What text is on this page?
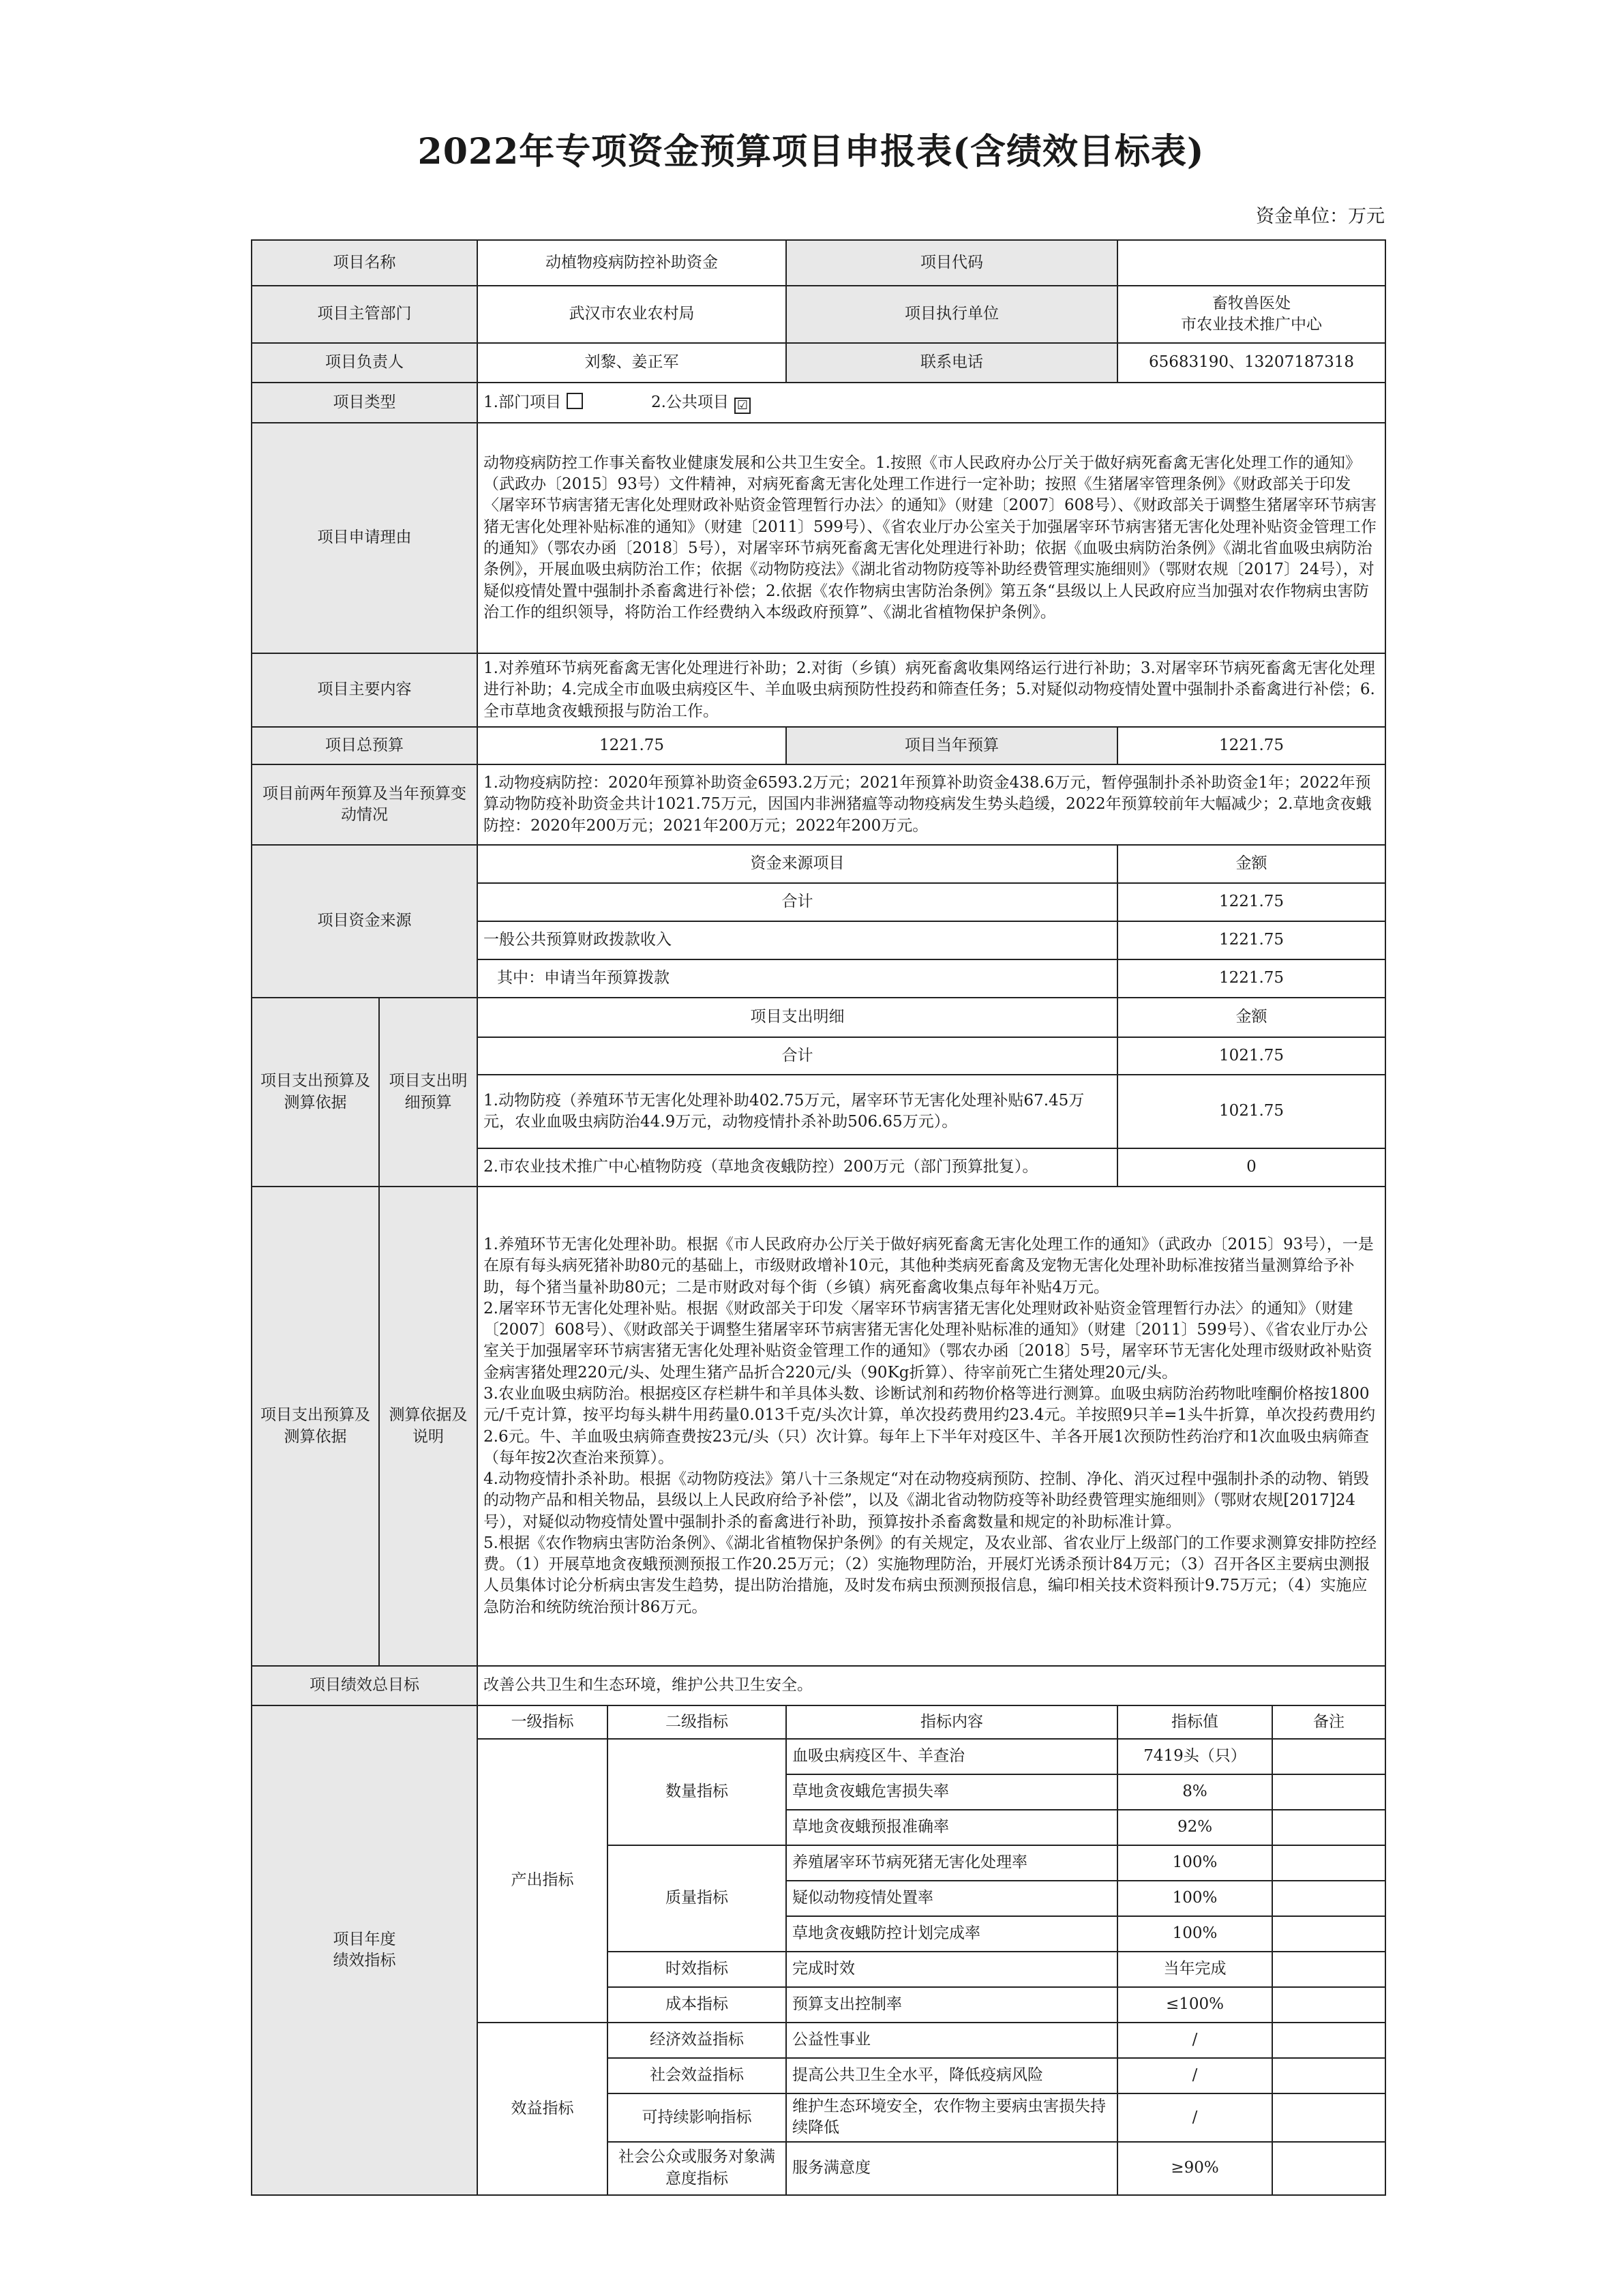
2022年专项资金预算项目申报表(含绩效目标表)
资金单位：万元
项目名称		动植物疫病防控补助资金		项目代码		
项目主管部门		武汉市农业农村局		项目执行单位	畜牧兽医处
市农业技术推广中心	

项目负责人		刘黎、姜正军		联系电话	65683190、13207187318	
项目类型		1.部门项目 2.公共项目 ☑				
项目申请理由		动物疫病防控工作事关畜牧业健康发展和公共卫生安全。1.按照《市人民政府办公厅关于做好病死畜禽无害化处理工作的通知》（武政办〔2015〕93号）文件精神，对病死畜禽无害化处理工作进行一定补助；按照《生猪屠宰管理条例》《财政部关于印发〈屠宰环节病害猪无害化处理财政补贴资金管理暂行办法〉的通知》（财建〔2007〕608号）、《财政部关于调整生猪屠宰环节病害猪无害化处理补贴标准的通知》（财建〔2011〕599号）、《省农业厅办公室关于加强屠宰环节病害猪无害化处理补贴资金管理工作的通知》（鄂农办函〔2018〕5号），对屠宰环节病死畜禽无害化处理进行补助；依据《血吸虫病防治条例》《湖北省血吸虫病防治条例》，开展血吸虫病防治工作；依据《动物防疫法》《湖北省动物防疫等补助经费管理实施细则》（鄂财农规〔2017〕24号），对疑似疫情处置中强制扑杀畜禽进行补偿；2.依据《农作物病虫害防治条例》第五条“县级以上人民政府应当加强对农作物病虫害防治工作的组织领导，将防治工作经费纳入本级政府预算”、《湖北省植物保护条例》。				
项目主要内容		1.对养殖环节病死畜禽无害化处理进行补助；2.对街（乡镇）病死畜禽收集网络运行进行补助；3.对屠宰环节病死畜禽无害化处理进行补助；4.完成全市血吸虫病疫区牛、羊血吸虫病预防性投药和筛查任务；5.对疑似动物疫情处置中强制扑杀畜禽进行补偿；6.全市草地贪夜蛾预报与防治工作。				
项目总预算		1221.75		项目当年预算	1221.75	
项目前两年预算及当年预算变动情况		1.动物疫病防控：2020年预算补助资金6593.2万元；2021年预算补助资金438.6万元，暂停强制扑杀补助资金1年；2022年预算动物防疫补助资金共计1021.75万元，因国内非洲猪瘟等动物疫病发生势头趋缓，2022年预算较前年大幅减少；2.草地贪夜蛾防控：2020年200万元；2021年200万元；2022年200万元。				
项目资金来源		资金来源项目			金额	
		合计			1221.75	
		一般公共预算财政拨款收入			1221.75	
		其中：申请当年预算拨款			1221.75	
项目支出预算及测算依据	项目支出明细预算	项目支出明细			金额	
		合计			1021.75	
		1.动物防疫（养殖环节无害化处理补助402.75万元，屠宰环节无害化处理补贴67.45万元，农业血吸虫病防治44.9万元，动物疫情扑杀补助506.65万元）。			1021.75	
		2.市农业技术推广中心植物防疫（草地贪夜蛾防控）200万元（部门预算批复）。			0	
项目支出预算及测算依据	测算依据及说明	1.养殖环节无害化处理补助。根据《市人民政府办公厅关于做好病死畜禽无害化处理工作的通知》（武政办〔2015〕93号），一是在原有每头病死猪补助80元的基础上，市级财政增补10元，其他种类病死畜禽及宠物无害化处理补助标准按猪当量测算给予补助，每个猪当量补助80元；二是市财政对每个街（乡镇）病死畜禽收集点每年补贴4万元。
2.屠宰环节无害化处理补贴。根据《财政部关于印发〈屠宰环节病害猪无害化处理财政补贴资金管理暂行办法〉的通知》（财建〔2007〕608号）、《财政部关于调整生猪屠宰环节病害猪无害化处理补贴标准的通知》（财建〔2011〕599号）、《省农业厅办公室关于加强屠宰环节病害猪无害化处理补贴资金管理工作的通知》（鄂农办函〔2018〕5号，屠宰环节无害化处理市级财政补贴资金病害猪处理220元/头、处理生猪产品折合220元/头（90Kg折算）、待宰前死亡生猪处理20元/头。
3.农业血吸虫病防治。根据疫区存栏耕牛和羊具体头数、诊断试剂和药物价格等进行测算。血吸虫病防治药物吡喹酮价格按1800元/千克计算，按平均每头耕牛用药量0.013千克/头次计算，单次投药费用约23.4元。羊按照9只羊=1头牛折算，单次投药费用约2.6元。牛、羊血吸虫病筛查费按23元/头（只）次计算。每年上下半年对疫区牛、羊各开展1次预防性药治疗和1次血吸虫病筛查（每年按2次查治来预算）。
4.动物疫情扑杀补助。根据《动物防疫法》第八十三条规定“对在动物疫病预防、控制、净化、消灭过程中强制扑杀的动物、销毁的动物产品和相关物品，县级以上人民政府给予补偿”，以及《湖北省动物防疫等补助经费管理实施细则》（鄂财农规[2017]24号），对疑似动物疫情处置中强制扑杀的畜禽进行补助，预算按扑杀畜禽数量和规定的补助标准计算。
5.根据《农作物病虫害防治条例》、《湖北省植物保护条例》的有关规定，及农业部、省农业厅上级部门的工作要求测算安排防控经费。（1）开展草地贪夜蛾预测预报工作20.25万元；（2）实施物理防治，开展灯光诱杀预计84万元；（3）召开各区主要病虫测报人员集体讨论分析病虫害发生趋势，提出防治措施，及时发布病虫预测预报信息，编印相关技术资料预计9.75万元；（4）实施应急防治和统防统治预计86万元。				

项目绩效总目标		改善公共卫生和生态环境，维护公共卫生安全。				

项目年度
绩效指标		一级指标	二级指标	指标内容	指标值	备注
		产出指标	数量指标	血吸虫病疫区牛、羊查治	7419头（只）	
				草地贪夜蛾危害损失率	8%	
				草地贪夜蛾预报准确率	92%	
			质量指标	养殖屠宰环节病死猪无害化处理率	100%	
				疑似动物疫情处置率	100%	
				草地贪夜蛾防控计划完成率	100%	
			时效指标	完成时效	当年完成	
			成本指标	预算支出控制率	≤100%	
		效益指标	经济效益指标	公益性事业	/	
			社会效益指标	提高公共卫生全水平，降低疫病风险	/	
			可持续影响指标	维护生态环境安全，农作物主要病虫害损失持续降低	/	
			社会公众或服务对象满意度指标	服务满意度	≥90%	
